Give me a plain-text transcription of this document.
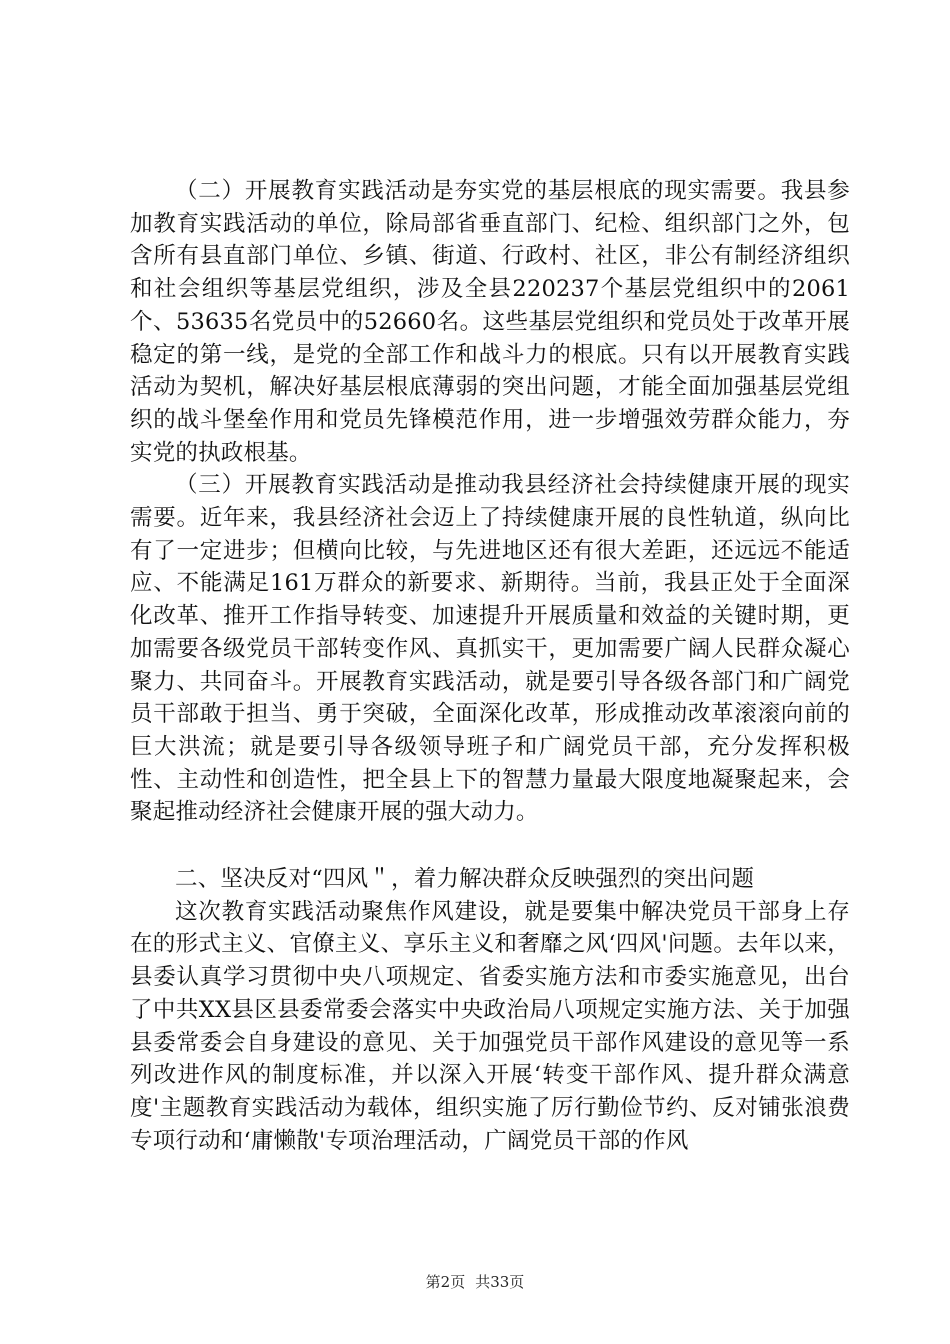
（二）开展教育实践活动是夯实党的基层根底的现实需要。我县参加教育实践活动的单位，除局部省垂直部门、纪检、组织部门之外，包含所有县直部门单位、乡镇、街道、行政村、社区，非公有制经济组织和社会组织等基层党组织，涉及全县220237个基层党组织中的2061个、53635名党员中的52660名。这些基层党组织和党员处于改革开展稳定的第一线，是党的全部工作和战斗力的根底。只有以开展教育实践活动为契机，解决好基层根底薄弱的突出问题，才能全面加强基层党组织的战斗堡垒作用和党员先锋模范作用，进一步增强效劳群众能力，夯实党的执政根基。

（三）开展教育实践活动是推动我县经济社会持续健康开展的现实需要。近年来，我县经济社会迈上了持续健康开展的良性轨道，纵向比有了一定进步；但横向比较，与先进地区还有很大差距，还远远不能适应、不能满足161万群众的新要求、新期待。当前，我县正处于全面深化改革、推开工作指导转变、加速提升开展质量和效益的关键时期，更加需要各级党员干部转变作风、真抓实干，更加需要广阔人民群众凝心聚力、共同奋斗。开展教育实践活动，就是要引导各级各部门和广阔党员干部敢于担当、勇于突破，全面深化改革，形成推动改革滚滚向前的巨大洪流；就是要引导各级领导班子和广阔党员干部，充分发挥积极性、主动性和创造性，把全县上下的智慧力量最大限度地凝聚起来，会聚起推动经济社会健康开展的强大动力。

二、坚决反对“四风＂，着力解决群众反映强烈的突出问题

这次教育实践活动聚焦作风建设，就是要集中解决党员干部身上存在的形式主义、官僚主义、享乐主义和奢靡之风‘四风'问题。去年以来，县委认真学习贯彻中央八项规定、省委实施方法和市委实施意见，出台了中共XX县区县委常委会落实中央政治局八项规定实施方法、关于加强县委常委会自身建设的意见、关于加强党员干部作风建设的意见等一系列改进作风的制度标准，并以深入开展‘转变干部作风、提升群众满意度'主题教育实践活动为载体，组织实施了厉行勤俭节约、反对铺张浪费专项行动和‘庸懒散'专项治理活动，广阔党员干部的作风

第2页 共33页
